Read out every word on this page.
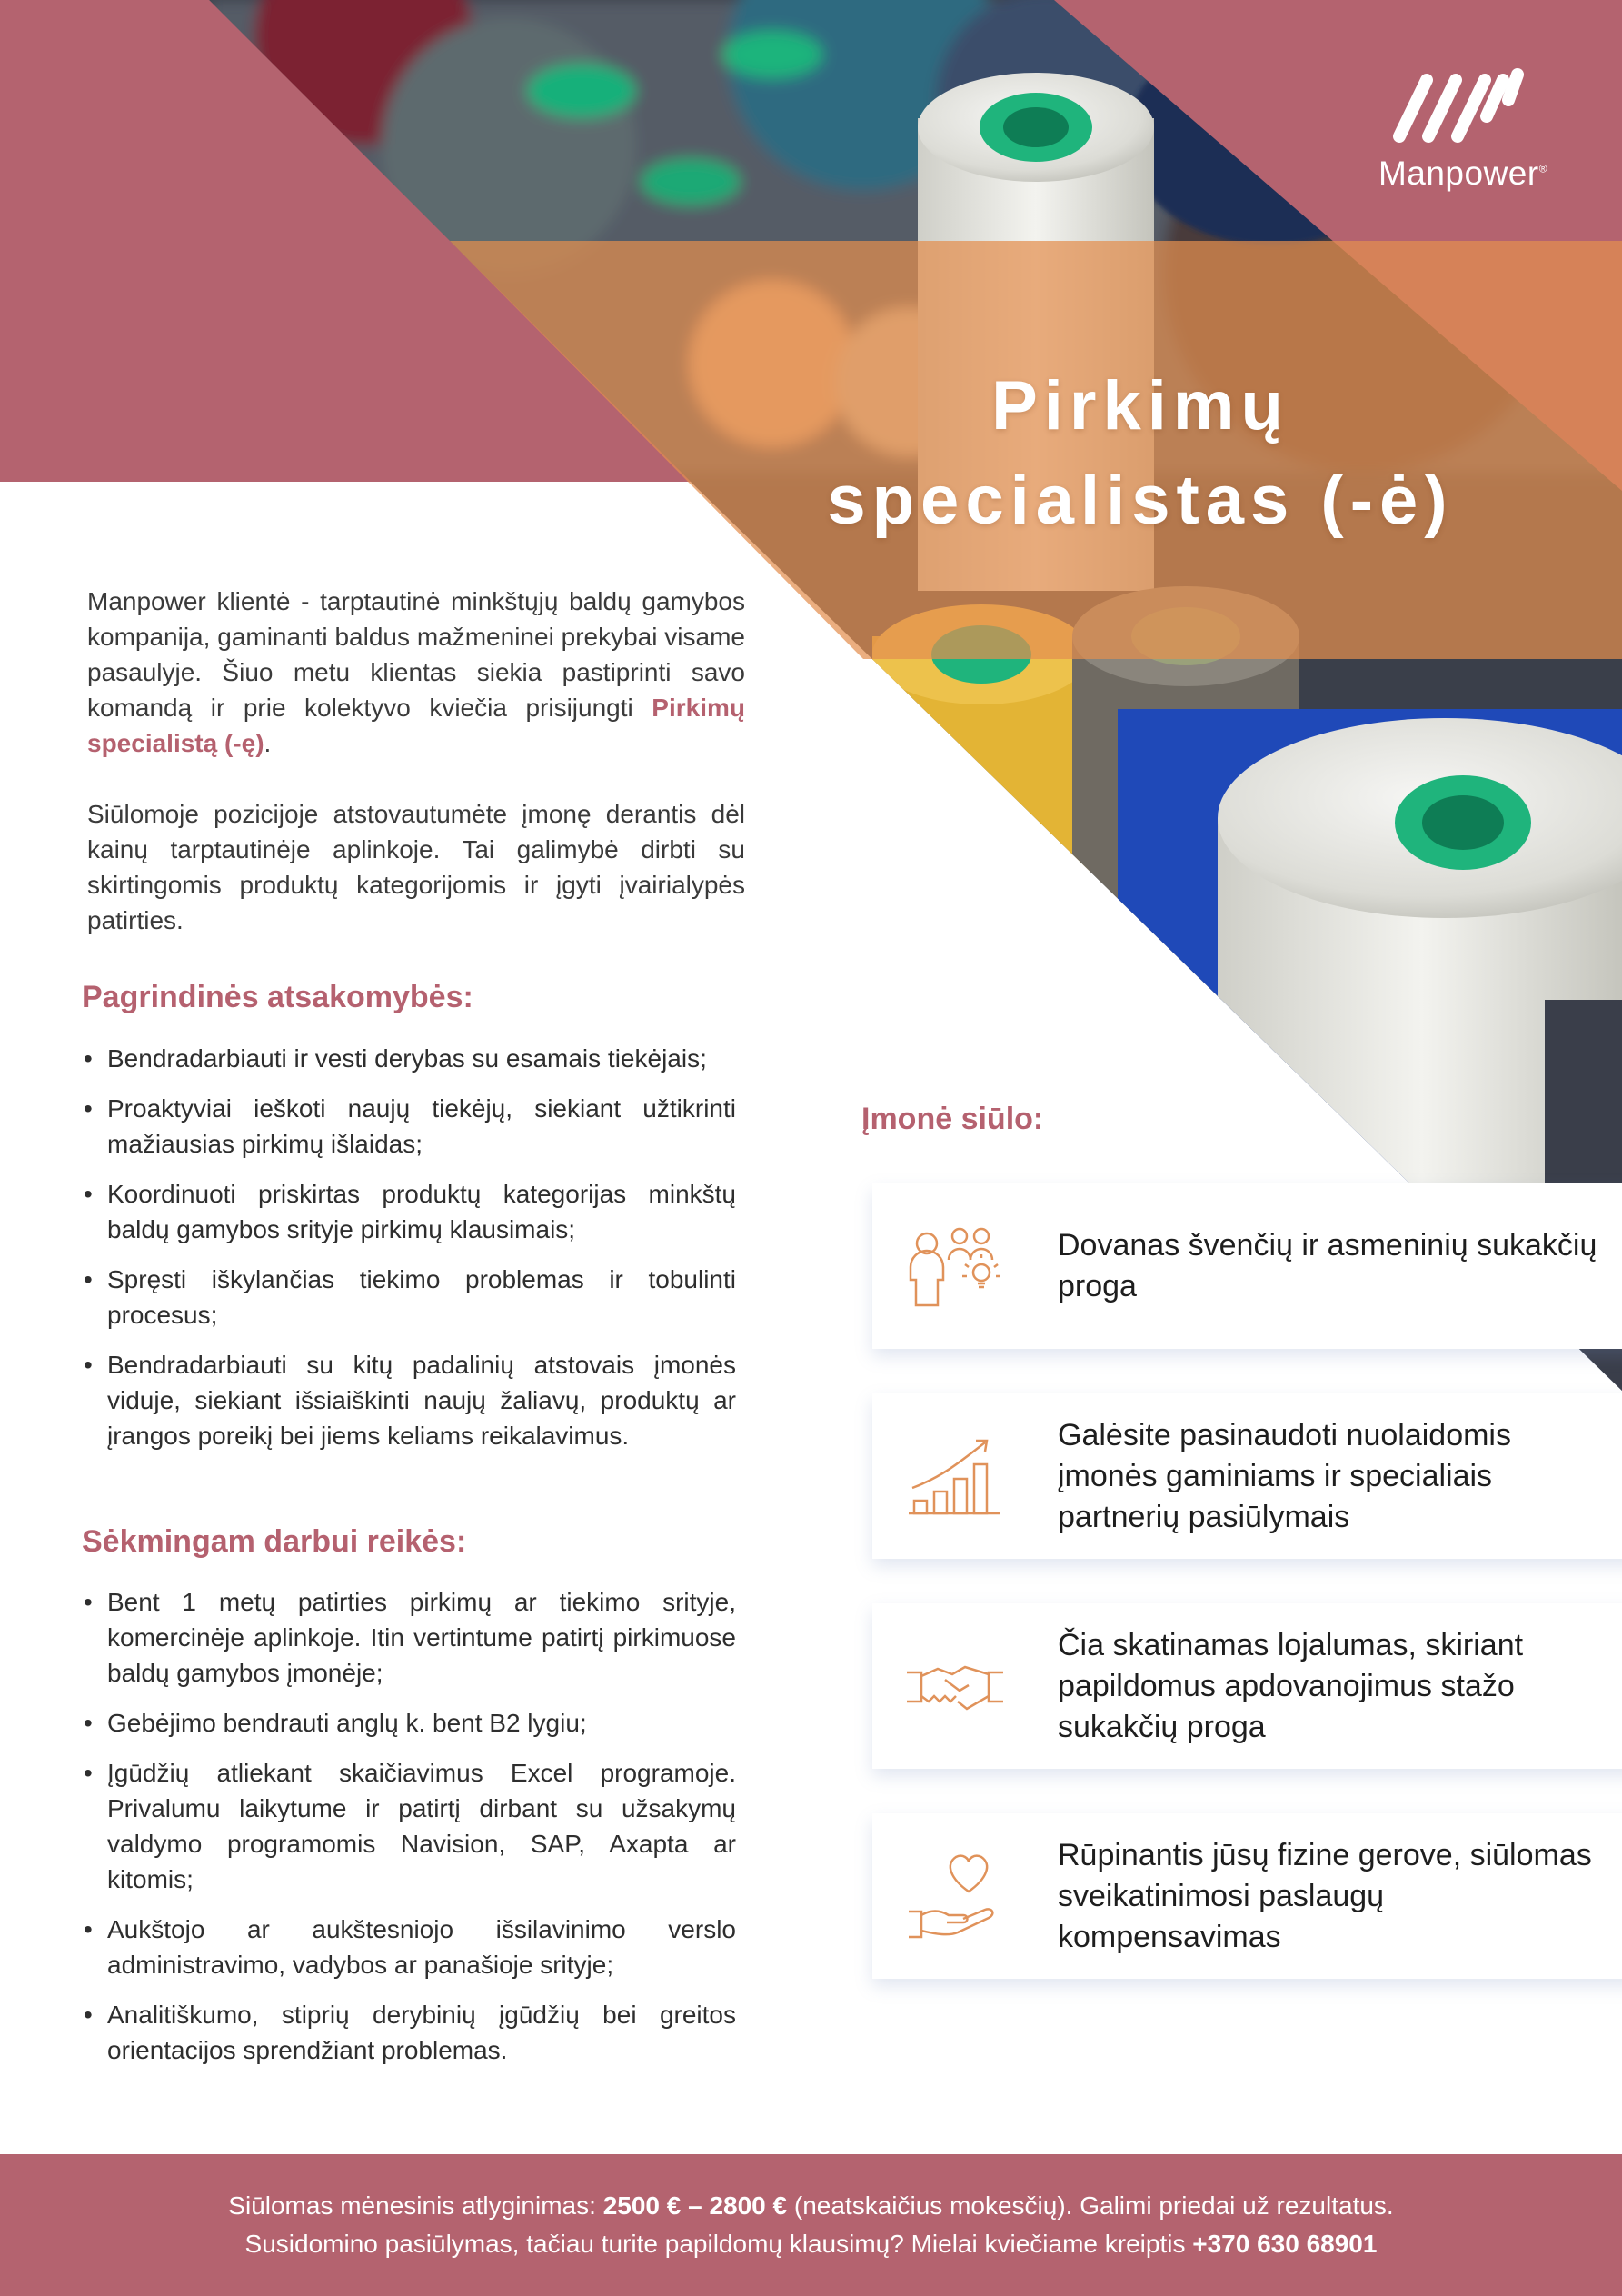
Manpower®
Pirkimų
specialistas (-ė)

Manpower klientė - tarptautinė minkštųjų baldų gamybos kompanija, gaminanti baldus mažmeninei prekybai visame pasaulyje. Šiuo metu klientas siekia pastiprinti savo komandą ir prie kolektyvo kviečia prisijungti Pirkimų specialistą (-ę).

Siūlomoje pozicijoje atstovautumėte įmonę derantis dėl kainų tarptautinėje aplinkoje. Tai galimybė dirbti su skirtingomis produktų kategorijomis ir įgyti įvairialypės patirties.

Pagrindinės atsakomybės:
• Bendradarbiauti ir vesti derybas su esamais tiekėjais;
• Proaktyviai ieškoti naujų tiekėjų, siekiant užtikrinti mažiausias pirkimų išlaidas;
• Koordinuoti priskirtas produktų kategorijas minkštų baldų gamybos srityje pirkimų klausimais;
• Spręsti iškylančias tiekimo problemas ir tobulinti procesus;
• Bendradarbiauti su kitų padalinių atstovais įmonės viduje, siekiant išsiaiškinti naujų žaliavų, produktų ar įrangos poreikį bei jiems keliams reikalavimus.
Sėkmingam darbui reikės:
• Bent 1 metų patirties pirkimų ar tiekimo srityje, komercinėje aplinkoje. Itin vertintume patirtį pirkimuose baldų gamybos įmonėje;
• Gebėjimo bendrauti anglų k. bent B2 lygiu;
• Įgūdžių atliekant skaičiavimus Excel programoje. Privalumu laikytume ir patirtį dirbant su užsakymų valdymo programomis Navision, SAP, Axapta ar kitomis;
• Aukštojo ar aukštesniojo išsilavinimo verslo administravimo, vadybos ar panašioje srityje;
• Analitiškumo, stiprių derybinių įgūdžių bei greitos orientacijos sprendžiant problemas.
Įmonė siūlo:
Dovanas švenčių ir asmeninių sukakčių proga
Galėsite pasinaudoti nuolaidomis įmonės gaminiams ir specialiais partnerių pasiūlymais
Čia skatinamas lojalumas, skiriant papildomus apdovanojimus stažo sukakčių proga
Rūpinantis jūsų fizine gerove, siūlomas sveikatinimosi paslaugų kompensavimas
Siūlomas mėnesinis atlyginimas: 2500 € – 2800 € (neatskaičius mokesčių). Galimi priedai už rezultatus.
Susidomino pasiūlymas, tačiau turite papildomų klausimų? Mielai kviečiame kreiptis +370 630 68901
